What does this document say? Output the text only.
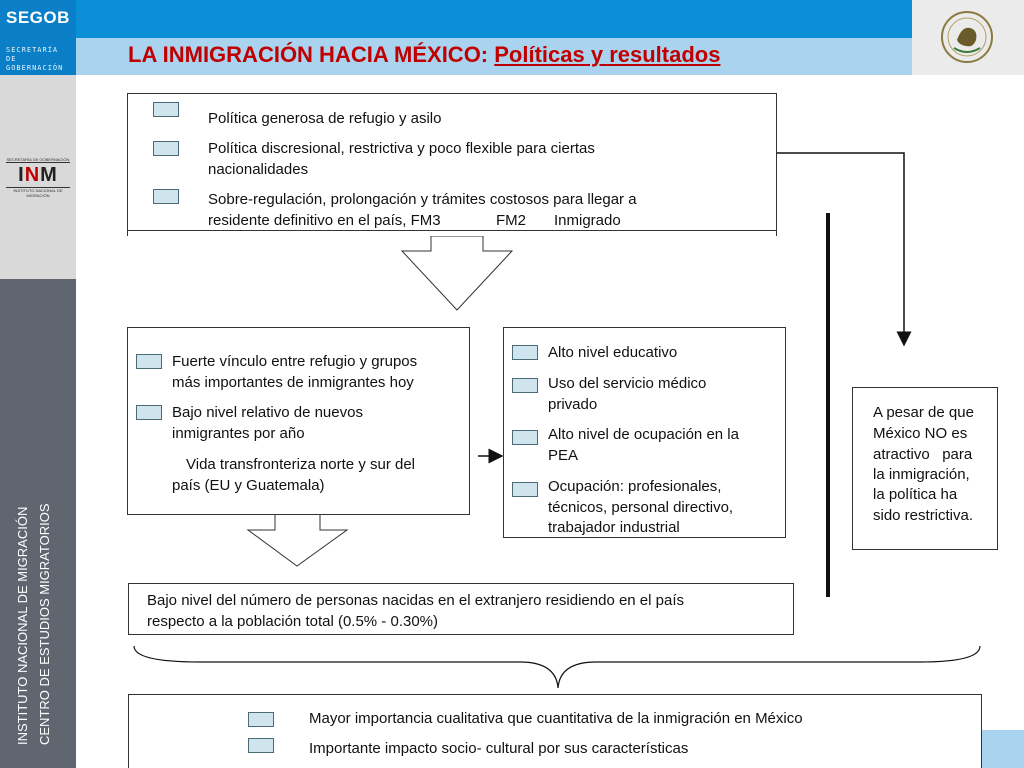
SEGOB
SECRETARÍA
DE GOBERNACIÓN
LA INMIGRACIÓN HACIA MÉXICO: Políticas y resultados
SECRETARÍA DE GOBERNACIÓN
INM
INSTITUTO NACIONAL DE MIGRACIÓN
INSTITUTO NACIONAL DE MIGRACIÓN CENTRO DE ESTUDIOS MIGRATORIOS
Política generosa de refugio y asilo
Política discresional, restrictiva y poco flexible para ciertas
nacionalidades
Sobre-regulación, prolongación y trámites costosos para llegar a
residente definitivo en el país, FM3	FM2 Inmigrado
Fuerte vínculo entre refugio y grupos
más importantes de inmigrantes hoy
Bajo nivel relativo de nuevos
inmigrantes por año
Vida transfronteriza norte y sur del
país (EU y Guatemala)
Alto nivel educativo
Uso del servicio médico
privado
Alto nivel de ocupación en la
PEA
Ocupación: profesionales,
técnicos, personal directivo,
trabajador industrial
A pesar de que
México NO es
atractivo   para
la inmigración,
la política ha
sido restrictiva.
Bajo nivel del número de personas nacidas en el extranjero residiendo en el país
respecto a la población total (0.5% - 0.30%)
Mayor importancia cualitativa que cuantitativa de la inmigración en México
Importante impacto socio- cultural por sus características
